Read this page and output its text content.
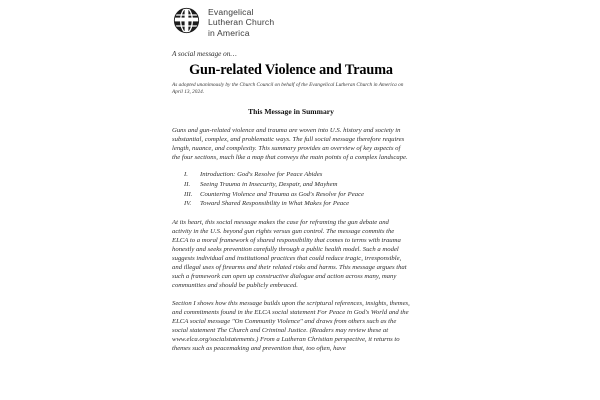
Evangelical
Lutheran Church
in America

A social message on…

Gun-related Violence and Trauma

As adopted unanimously by the Church Council on behalf of the Evangelical Lutheran Church in America on April 13, 2024.

This Message in Summary

Guns and gun-related violence and trauma are woven into U.S. history and society in substantial, complex, and problematic ways. The full social message therefore requires length, nuance, and complexity. This summary provides an overview of key aspects of the four sections, much like a map that conveys the main points of a complex landscape.

I.	Introduction: God's Resolve for Peace Abides
II.	Seeing Trauma in Insecurity, Despair, and Mayhem
III.	Countering Violence and Trauma as God's Resolve for Peace
IV.	Toward Shared Responsibility in What Makes for Peace

At its heart, this social message makes the case for reframing the gun debate and activity in the U.S. beyond gun rights versus gun control. The message commits the ELCA to a moral framework of shared responsibility that comes to terms with trauma honestly and seeks prevention carefully through a public health model. Such a model suggests individual and institutional practices that could reduce tragic, irresponsible, and illegal uses of firearms and their related risks and harms. This message argues that such a framework can open up constructive dialogue and action across many, many communities and should be publicly embraced.

Section I shows how this message builds upon the scriptural references, insights, themes, and commitments found in the ELCA social statement For Peace in God's World and the ELCA social message "On Community Violence" and draws from others such as the social statement The Church and Criminal Justice. (Readers may review these at www.elca.org/socialstatements.) From a Lutheran Christian perspective, it returns to themes such as peacemaking and prevention that, too often, have
